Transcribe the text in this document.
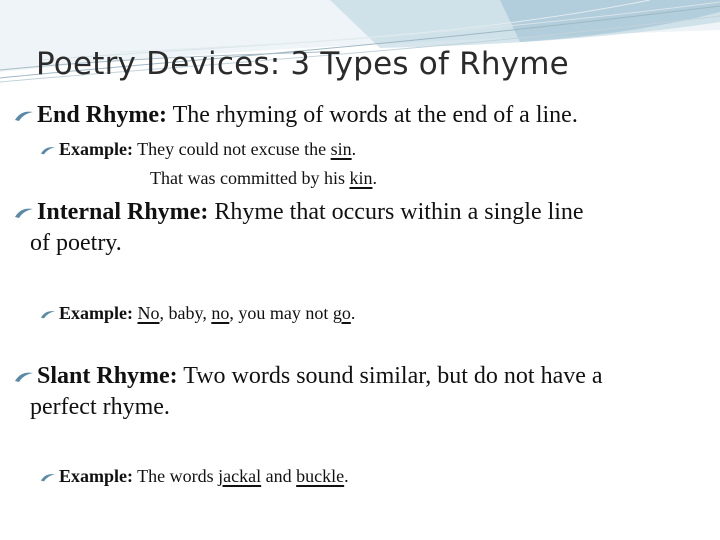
Poetry Devices: 3 Types of Rhyme
End Rhyme: The rhyming of words at the end of a line.
Example: They could not excuse the sin.
That was committed by his kin.
Internal Rhyme: Rhyme that occurs within a single line
of poetry.
Example: No, baby, no, you may not go.
Slant Rhyme: Two words sound similar, but do not have a
perfect rhyme.
Example: The words jackal and buckle.
